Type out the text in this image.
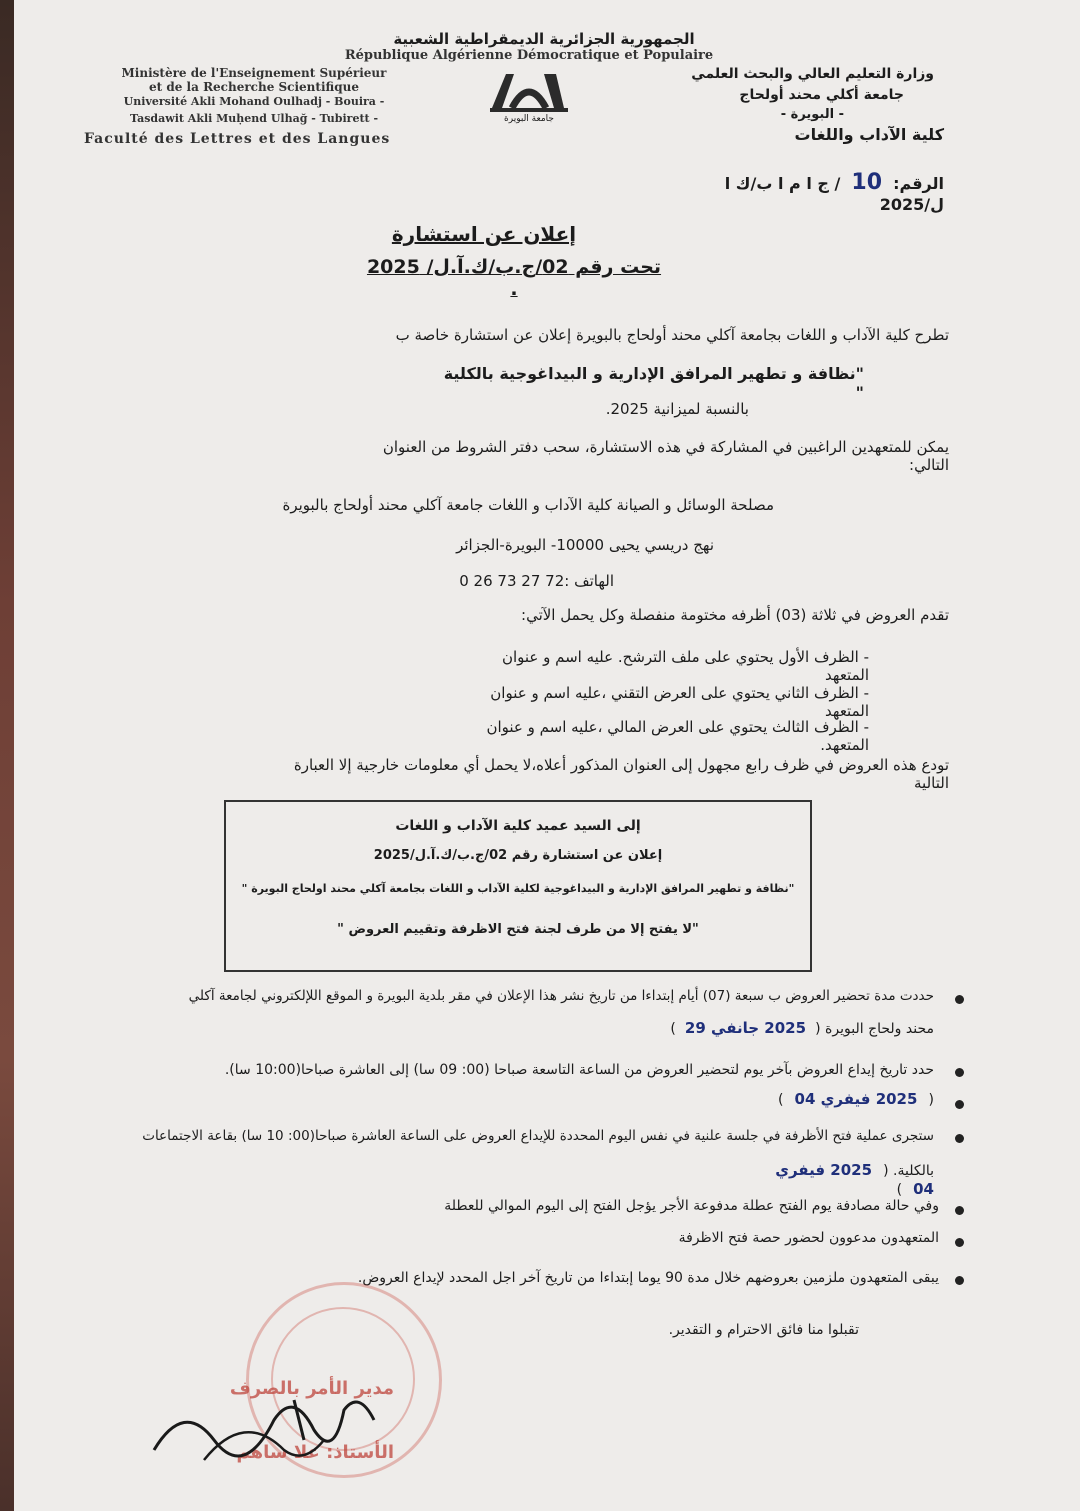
الجمهورية الجزائرية الديمقراطية الشعبية
République Algérienne Démocratique et Populaire
Ministère de l'Enseignement Supérieur
et de la Recherche Scientifique
Université Akli Mohand Oulhadj - Bouira -
Tasdawit Akli Muḥend Ulhağ - Tubirett -
Faculté des Lettres et des Langues
وزارة التعليم العالي والبحث العلمي
جامعة أكلي محند أولحاج
- البويرة -
كلية الآداب واللغات
جامعة البويرة
الرقم: 10 / ج ا م ا ب/ك ا ل/2025
إعلان عن استشارة
تحت رقم 02/ج.ب/ك.آ.ل/ 2025 .
تطرح كلية الآداب و اللغات بجامعة آكلي محند أولحاج بالبويرة إعلان عن استشارة خاصة ب
"نظافة و تطهير المرافق الإدارية و البيداغوجية بالكلية "
بالنسبة لميزانية 2025.
يمكن للمتعهدين الراغبين في المشاركة في هذه الاستشارة، سحب دفتر الشروط من العنوان التالي:
مصلحة الوسائل و الصيانة كلية الآداب و اللغات جامعة آكلي محند أولحاج بالبويرة
نهج دريسي يحيى 10000- البويرة-الجزائر
الهاتف :72 27 73 26 0
تقدم العروض في ثلاثة (03) أظرفه مختومة منفصلة وكل يحمل الآتي:
- الظرف الأول يحتوي على ملف الترشح. عليه اسم و عنوان المتعهد
- الظرف الثاني يحتوي على العرض التقني ،عليه اسم و عنوان المتعهد
- الظرف الثالث يحتوي على العرض المالي ،عليه اسم و عنوان المتعهد.
تودع هذه العروض في ظرف رابع مجهول إلى العنوان المذكور أعلاه،لا يحمل أي معلومات خارجية إلا العبارة التالية
إلى السيد عميد كلية الآداب و اللغات
إعلان عن استشارة رقم 02/ج.ب/ك.آ.ل/2025
"نظافة و تطهير المرافق الإدارية و البيداغوجية لكلية الآداب و اللغات بجامعة آكلي محند اولحاج البويرة "
"لا يفتح إلا من طرف لجنة فتح الاظرفة وتقييم العروض "
حددت مدة تحضير العروض ب سبعة (07) أيام إبتداءا من تاريخ نشر هذا الإعلان في مقر بلدية البويرة و الموقع اللإلكتروني لجامعة آكلي
محند ولحاج البويرة ( 2025 جانفي 29 )
حدد تاريخ إيداع العروض بآخر يوم لتحضير العروض من الساعة التاسعة صباحا (00: 09 سا) إلى العاشرة صباحا(10:00 سا).
( 2025 فيفري 04 )
ستجرى عملية فتح الأظرفة في جلسة علنية في نفس اليوم المحددة للإيداع العروض على الساعة العاشرة صباحا(00: 10 سا) بقاعة الاجتماعات
بالكلية. ( 2025 فيفري 04 )
وفي حالة مصادفة يوم الفتح عطلة مدفوعة الأجر يؤجل الفتح إلى اليوم الموالي للعطلة
المتعهدون مدعوون لحضور حصة فتح الاظرفة
يبقى المتعهدون ملزمين بعروضهم خلال مدة 90 يوما إبتداءا من تاريخ آخر اجل المحدد لإيداع العروض.
تقبلوا منا فائق الاحترام و التقدير.
مدير الأمر بالصرف
الأستاذ: علا ساهم
